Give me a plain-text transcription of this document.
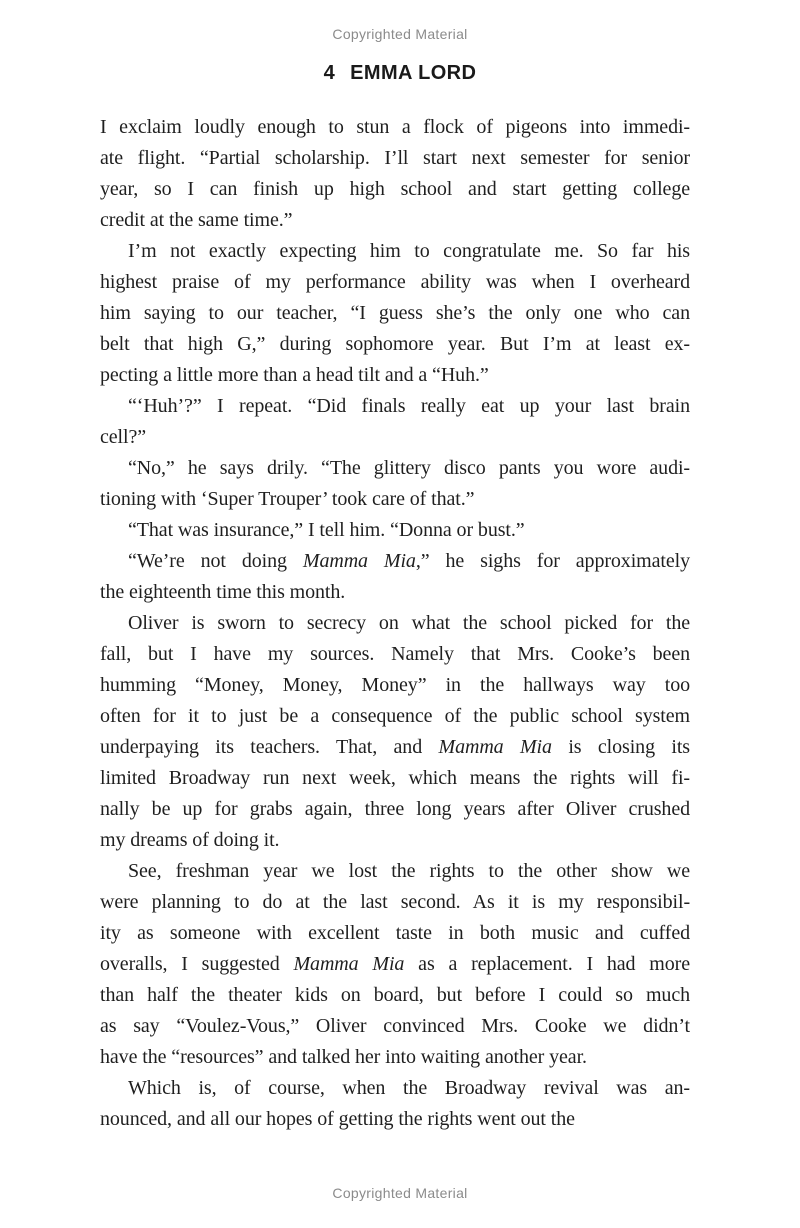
Copyrighted Material
4 EMMA LORD
I exclaim loudly enough to stun a flock of pigeons into immedi-
ate flight. “Partial scholarship. I’ll start next semester for senior
year, so I can finish up high school and start getting college
credit at the same time.”
I’m not exactly expecting him to congratulate me. So far his
highest praise of my performance ability was when I overheard
him saying to our teacher, “I guess she’s the only one who can
belt that high G,” during sophomore year. But I’m at least ex-
pecting a little more than a head tilt and a “Huh.”
“‘Huh’?” I repeat. “Did finals really eat up your last brain
cell?”
“No,” he says drily. “The glittery disco pants you wore audi-
tioning with ‘Super Trouper’ took care of that.”
“That was insurance,” I tell him. “Donna or bust.”
“We’re not doing Mamma Mia,” he sighs for approximately
the eighteenth time this month.
Oliver is sworn to secrecy on what the school picked for the
fall, but I have my sources. Namely that Mrs. Cooke’s been
humming “Money, Money, Money” in the hallways way too
often for it to just be a consequence of the public school system
underpaying its teachers. That, and Mamma Mia is closing its
limited Broadway run next week, which means the rights will fi-
nally be up for grabs again, three long years after Oliver crushed
my dreams of doing it.
See, freshman year we lost the rights to the other show we
were planning to do at the last second. As it is my responsibil-
ity as someone with excellent taste in both music and cuffed
overalls, I suggested Mamma Mia as a replacement. I had more
than half the theater kids on board, but before I could so much
as say “Voulez-Vous,” Oliver convinced Mrs. Cooke we didn’t
have the “resources” and talked her into waiting another year.
Which is, of course, when the Broadway revival was an-
nounced, and all our hopes of getting the rights went out the
Copyrighted Material
